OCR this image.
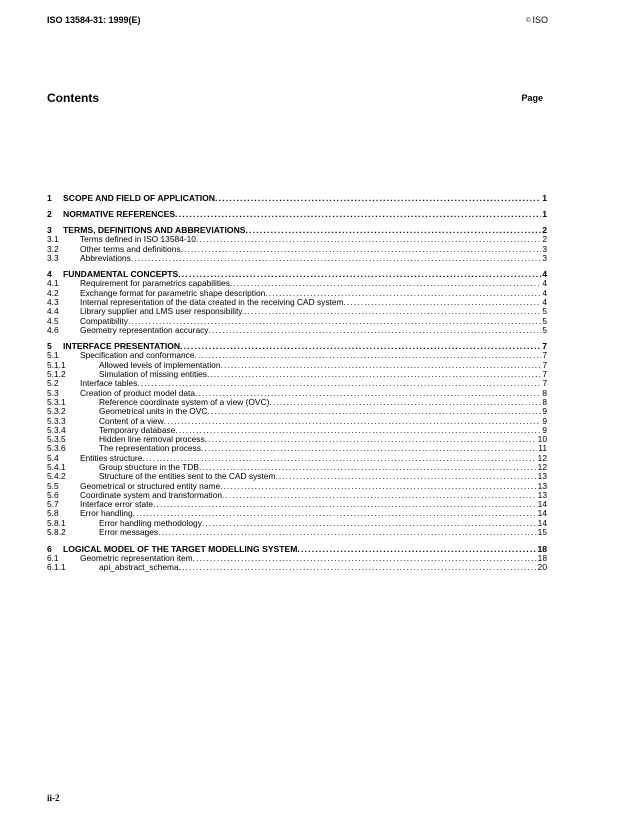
ISO 13584-31: 1999(E)	© ISO
Contents	Page
1 SCOPE AND FIELD OF APPLICATION . . .	1
2 NORMATIVE REFERENCES . . .	1
3 TERMS, DEFINITIONS AND ABBREVIATIONS . . .	2
3.1	Terms defined in ISO 13584-10 . . .	2
3.2	Other terms and definitions . . .	3
3.3	Abbreviations . . .	3
4 FUNDAMENTAL CONCEPTS . . .	4
4.1	Requirement for parametrics capabilities . . .	4
4.2	Exchange format for parametric shape description . . .	4
4.3	Internal representation of the data created in the receiving CAD system . . .	4
4.4	Library supplier and LMS user responsibility. . . .	5
4.5	Compatibility . . .	5
4.6	Geometry representation accuracy . . .	5
5 INTERFACE PRESENTATION . . .	7
5.1	Specification and conformance . . .	7
5.1.1	Allowed levels of implementation . . .	7
5.1.2	Simulation of missing entities . . .	7
5.2	Interface tables . . .	7
5.3	Creation of product model data . . .	8
5.3.1	Reference coordinate system of a view (OVC) . . .	8
5.3.2	Geometrical units in the OVC . . .	9
5.3.3	Content of a view . . .	9
5.3.4	Temporary database . . .	9
5.3.5	Hidden line removal process . . .	10
5.3.6	The representation process . . .	11
5.4	Entities structure . . .	12
5.4.1	Group structure in the TDB . . .	12
5.4.2	Structure of the entities sent to the CAD system . . .	13
5.5	Geometrical or structured entity name . . .	13
5.6	Coordinate system and transformation . . .	13
5.7	Interface error state . . .	14
5.8	Error handling . . .	14
5.8.1	Error handling methodology . . .	14
5.8.2	Error messages . . .	15
6 LOGICAL MODEL OF THE TARGET MODELLING SYSTEM . . .	18
6.1	Geometric representation item . . .	18
6.1.1	api_abstract_schema . . .	20
ii-2
